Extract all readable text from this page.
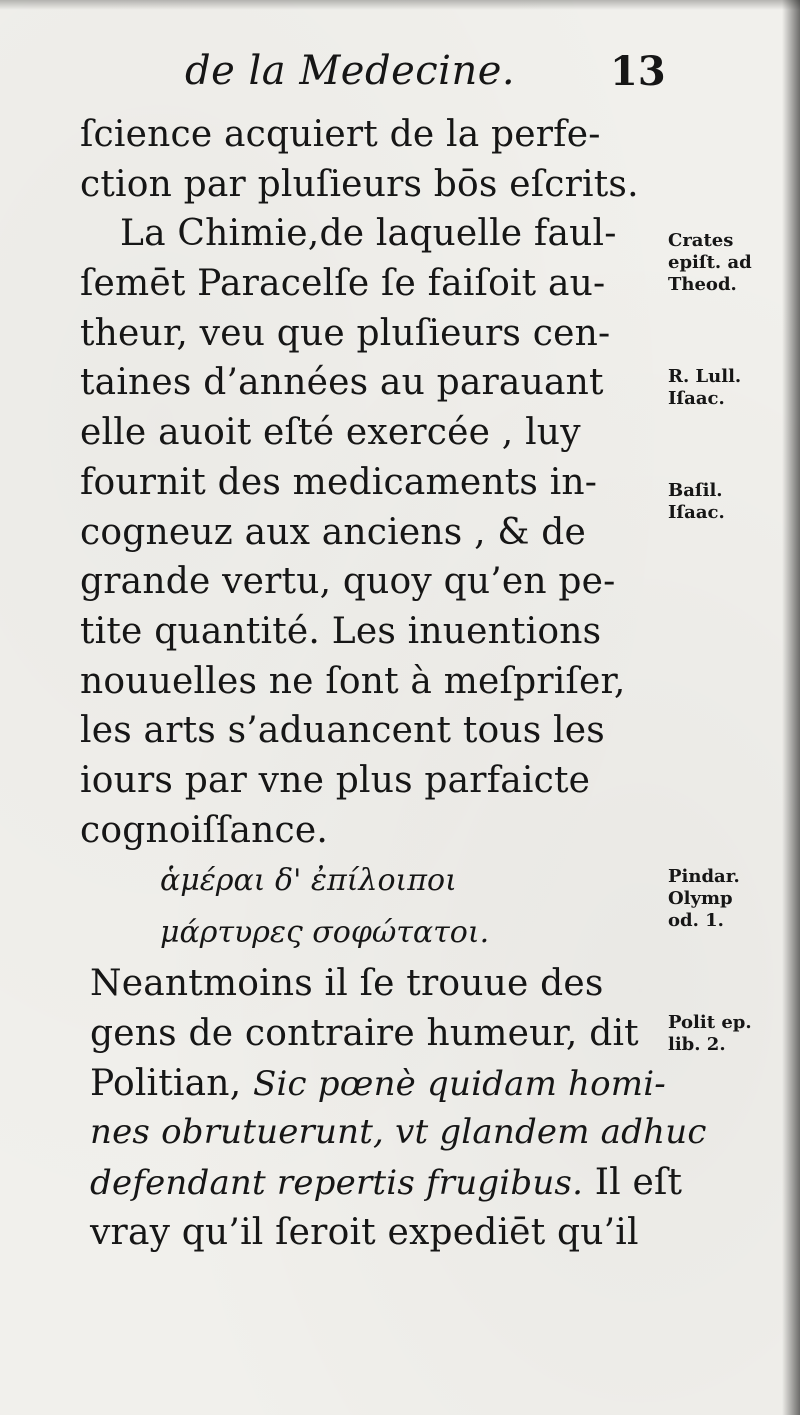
de la Medecine. 13
ſcience acquiert de la perfe-
ction par pluſieurs bōs eſcrits.
La Chimie,de laquelle faul-
ſemēt Paracelſe ſe faiſoit au-
theur, veu que pluſieurs cen-
taines d’années au parauant
elle auoit eſté exercée , luy
fournit des medicaments in-
cogneuz aux anciens , & de
grande vertu, quoy qu’en pe-
tite quantité. Les inuentions
nouuelles ne ſont à meſpriſer,
les arts s’aduancent tous les
iours par vne plus parfaicte
cognoiſſance.
ἁμέραι δ' ἐπίλοιποι
μάρτυρες σοφώτατοι.
Neantmoins il ſe trouue des
gens de contraire humeur, dit
Politian, Sic pœnè quidam homi-
nes obrutuerunt, vt glandem adhuc
defendant repertis frugibus. Il eſt
vray qu’il ſeroit expediēt qu’il
Crates
epiſt. ad
Theod.
R. Lull.
Iſaac.
Baſil.
Iſaac.
Pindar.
Olymp
od. 1.
Polit ep.
lib. 2.
